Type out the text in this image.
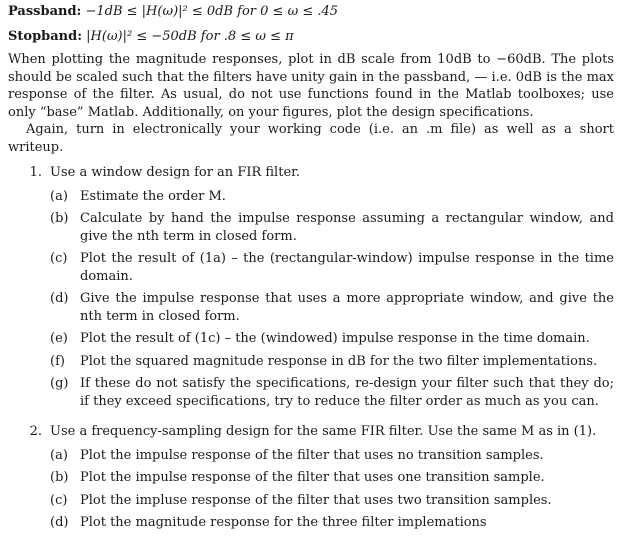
Passband: −1dB ≤ |H(ω)|² ≤ 0dB for 0 ≤ ω ≤ .45
Stopband: |H(ω)|² ≤ −50dB for .8 ≤ ω ≤ π

When plotting the magnitude responses, plot in dB scale from 10dB to −60dB. The plots should be scaled such that the filters have unity gain in the passband, — i.e. 0dB is the max response of the filter. As usual, do not use functions found in the Matlab toolboxes; use only “base” Matlab. Additionally, on your figures, plot the design specifications.

Again, turn in electronically your working code (i.e. an .m file) as well as a short writeup.

1. Use a window design for an FIR filter.
(a) Estimate the order M.
(b) Calculate by hand the impulse response assuming a rectangular window, and give the nth term in closed form.
(c) Plot the result of (1a) – the (rectangular-window) impulse response in the time domain.
(d) Give the impulse response that uses a more appropriate window, and give the nth term in closed form.
(e) Plot the result of (1c) – the (windowed) impulse response in the time domain.
(f)	Plot the squared magnitude response in dB for the two filter implementations.
(g) If these do not satisfy the specifications, re-design your filter such that they do; if they exceed specifications, try to reduce the filter order as much as you can.
2. Use a frequency-sampling design for the same FIR filter. Use the same M as in (1).
(a) Plot the impulse response of the filter that uses no transition samples.
(b) Plot the impulse response of the filter that uses one transition sample.
(c) Plot the impluse response of the filter that uses two transition samples.
(d) Plot the magnitude response for the three filter implemations
